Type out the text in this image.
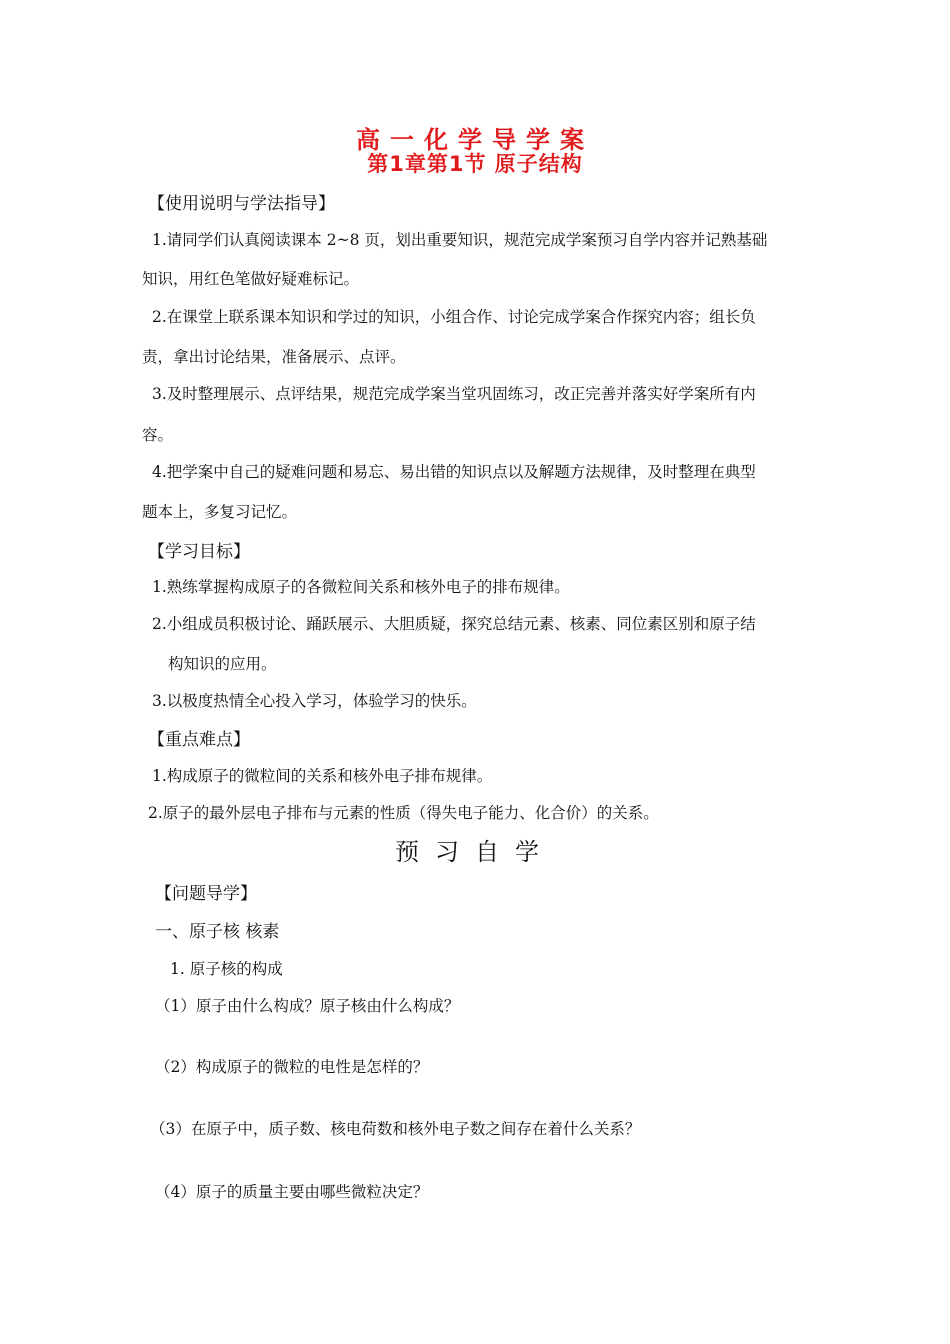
高一化学导学案
第1章第1节 原子结构
【使用说明与学法指导】
1.请同学们认真阅读课本 2~8 页，划出重要知识，规范完成学案预习自学内容并记熟基础
知识，用红色笔做好疑难标记。
2.在课堂上联系课本知识和学过的知识，小组合作、讨论完成学案合作探究内容；组长负
责，拿出讨论结果，准备展示、点评。
3.及时整理展示、点评结果，规范完成学案当堂巩固练习，改正完善并落实好学案所有内
容。
4.把学案中自己的疑难问题和易忘、易出错的知识点以及解题方法规律，及时整理在典型
题本上，多复习记忆。
【学习目标】
1.熟练掌握构成原子的各微粒间关系和核外电子的排布规律。
2.小组成员积极讨论、踊跃展示、大胆质疑，探究总结元素、核素、同位素区别和原子结
构知识的应用。
3.以极度热情全心投入学习，体验学习的快乐。
【重点难点】
1.构成原子的微粒间的关系和核外电子排布规律。
2.原子的最外层电子排布与元素的性质（得失电子能力、化合价）的关系。
预习自学
【问题导学】
一、原子核 核素
1. 原子核的构成
（1）原子由什么构成？原子核由什么构成？
（2）构成原子的微粒的电性是怎样的？
（3）在原子中，质子数、核电荷数和核外电子数之间存在着什么关系？
（4）原子的质量主要由哪些微粒决定？
